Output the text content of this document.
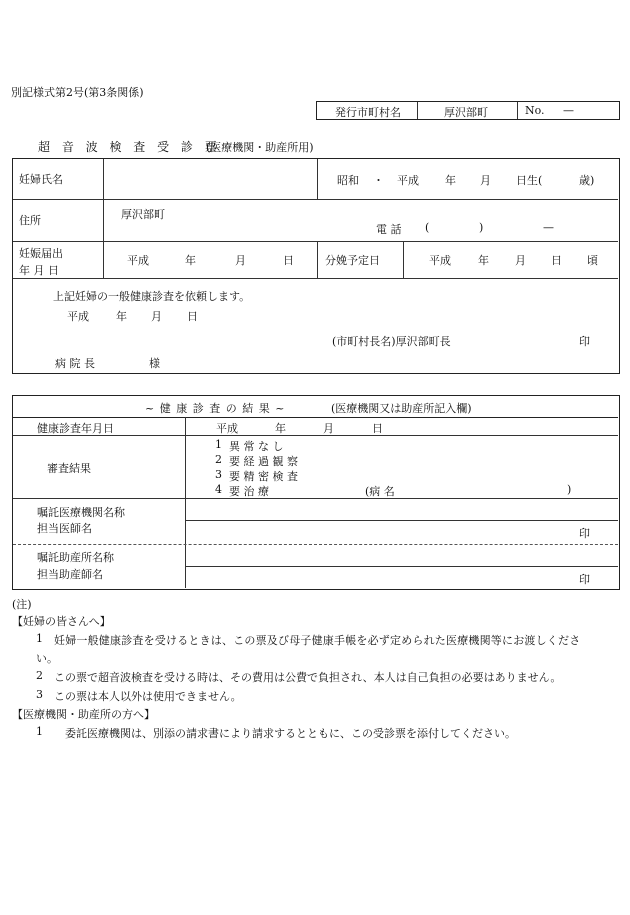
別記様式第2号(第3条関係)
発行市町村名	厚沢部町	No. —
超 音 波 検 査 受 診 票
(医療機関・助産所用)
妊婦氏名	昭和 ・ 平成 年 月 日生(	歳)
住所	厚沢部町
電 話 (	)	—
妊娠届出
年 月 日
平成	年	月	日	分娩予定日	平成 年 月 日 頃
上記妊婦の一般健康診査を依頼します。
平成 年 月 日
(市町村長名)厚沢部町長	印
病 院 長	様
~ 健 康 診 査 の 結 果 ~	(医療機関又は助産所記入欄)
健康診査年月日	平成	年	月	日
審査結果
1 異 常 な し
2 要 経 過 観 察
3 要 精 密 検 査
4 要 治 療	(病 名	)
嘱託医療機関名称
担当医師名	印
嘱託助産所名称
担当助産師名	印
(注)
【妊婦の皆さんへ】
1 妊婦一般健康診査を受けるときは、この票及び母子健康手帳を必ず定められた医療機関等にお渡しくださ
い。
2 この票で超音波検査を受ける時は、その費用は公費で負担され、本人は自己負担の必要はありません。
3 この票は本人以外は使用できません。
【医療機関・助産所の方へ】
1 委託医療機関は、別添の請求書により請求するとともに、この受診票を添付してください。
